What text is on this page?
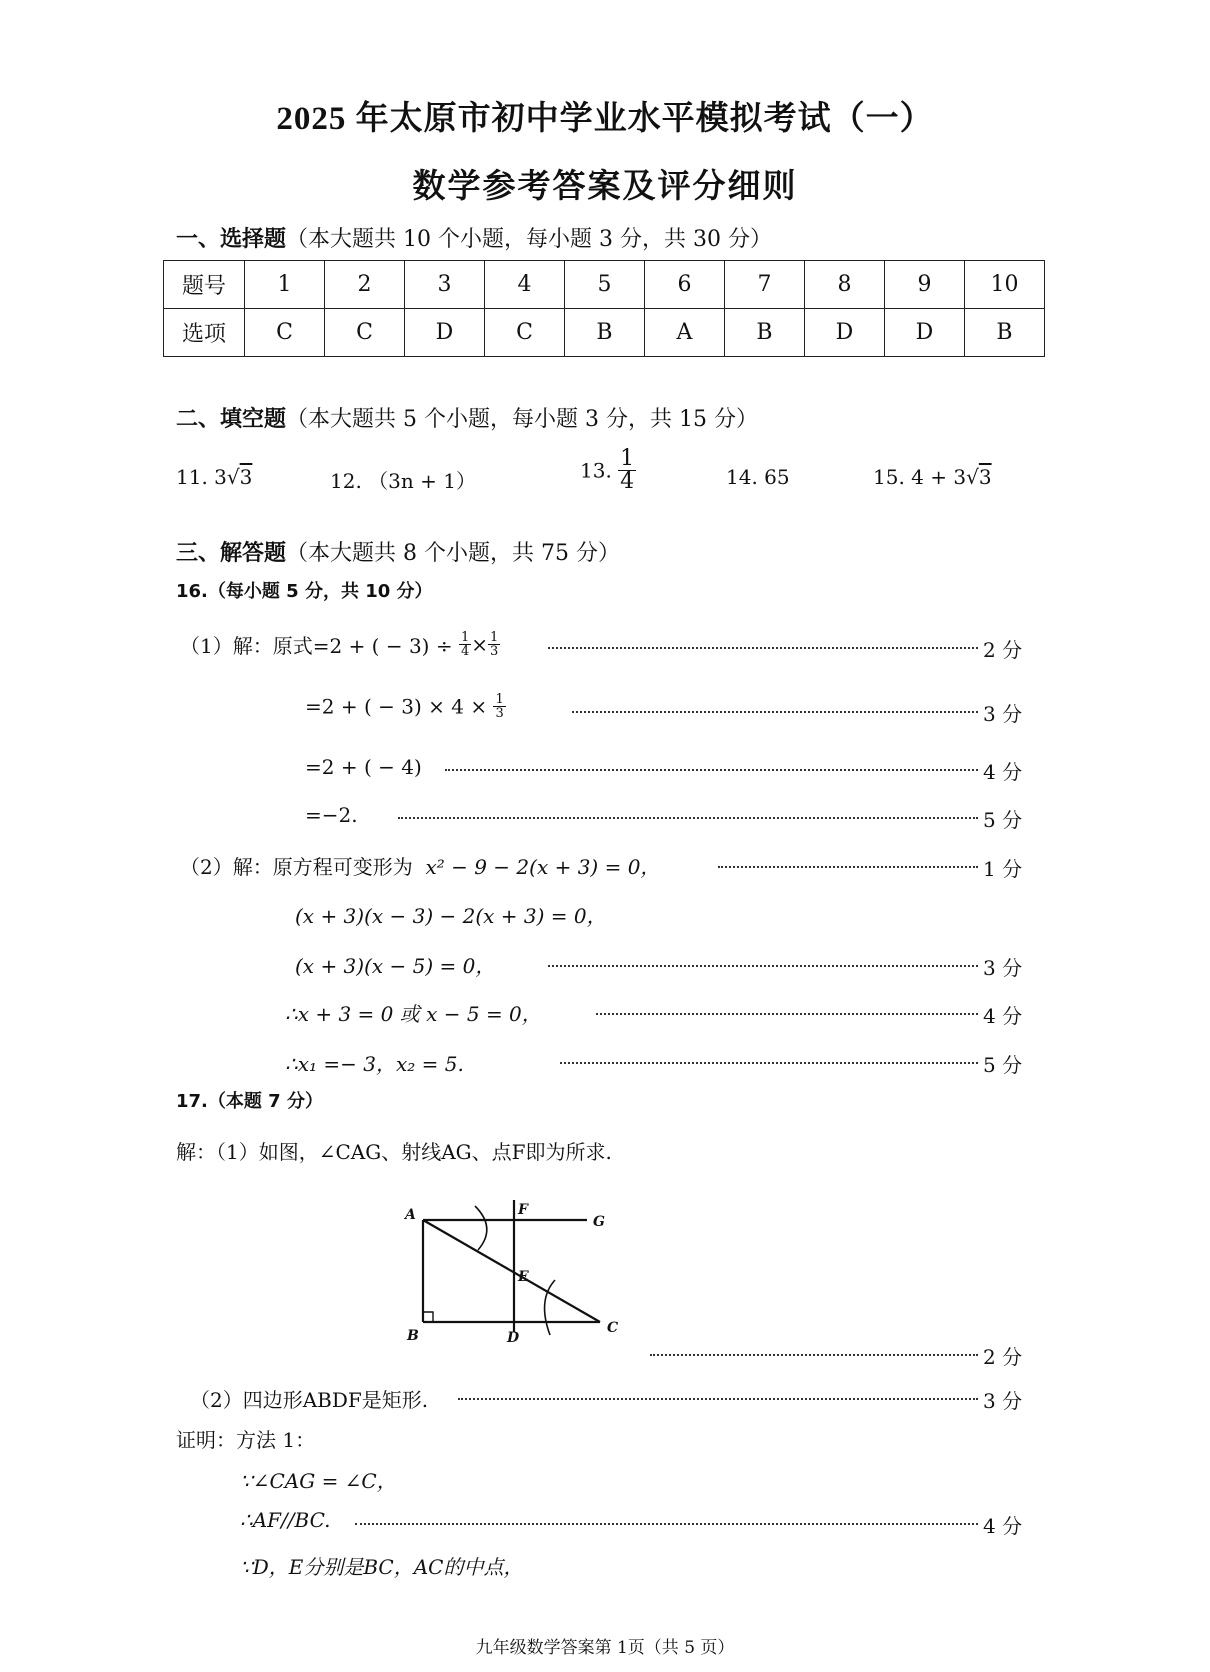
2025 年太原市初中学业水平模拟考试（一）
数学参考答案及评分细则
一、选择题（本大题共 10 个小题，每小题 3 分，共 30 分）
题号	1	2	3	4	5	6	7	8	9	10
选项	C	C	D	C	B	A	B	D	D	B
二、填空题（本大题共 5 个小题，每小题 3 分，共 15 分）
11. 3√3	12. （3n + 1）	13. $\frac{1}{4}$	14. 65	15. 4 + 3√3
三、解答题（本大题共 8 个小题，共 75 分）
16.（每小题 5 分，共 10 分）
（1）解：原式=2 + ( − $3) \div \frac{1}{4} \times \frac{1}{3}$	2 分
=2 + ( − $3) \times 4 \times \frac{1}{3}$	3 分
=2 + ( − 4)	4 分
=−2.	5 分
（2）解：原方程可变形为 x² − 9 − 2(x + 3) = 0，	1 分
(x + 3)(x − 3) − 2(x + 3) = 0，
(x + 3)(x − 5) = 0，	3 分
∴x + 3 = 0 或 x − 5 = 0，	4 分
∴x₁ =− 3，x₂ = 5.	5 分
17.（本题 7 分）
解：（1）如图，∠CAG、射线AG、点F即为所求.
A
B	C
D
E
F
G
2 分
（2）四边形ABDF是矩形.	3 分
证明：方法 1：
∵∠CAG = ∠C，
∴AF//BC.	4 分
∵D，E分别是BC，AC的中点，
九年级数学答案第 1页（共 5 页）
